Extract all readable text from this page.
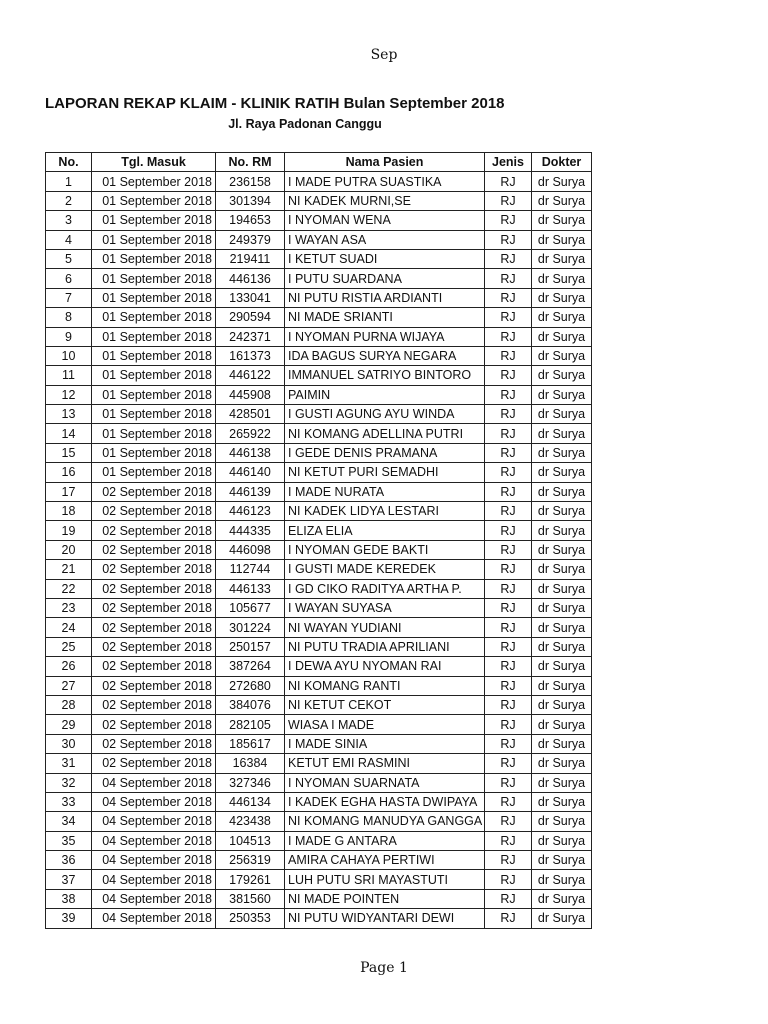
Sep
LAPORAN REKAP KLAIM - KLINIK RATIH Bulan September 2018
Jl. Raya Padonan Canggu
No.	Tgl. Masuk	No. RM	Nama Pasien	Jenis	Dokter
1	01 September 2018	236158	I MADE PUTRA SUASTIKA	RJ	dr Surya
2	01 September 2018	301394	NI KADEK MURNI,SE	RJ	dr Surya
3	01 September 2018	194653	I NYOMAN WENA	RJ	dr Surya
4	01 September 2018	249379	I WAYAN ASA	RJ	dr Surya
5	01 September 2018	219411	I KETUT SUADI	RJ	dr Surya
6	01 September 2018	446136	I PUTU SUARDANA	RJ	dr Surya
7	01 September 2018	133041	NI PUTU RISTIA ARDIANTI	RJ	dr Surya
8	01 September 2018	290594	NI MADE SRIANTI	RJ	dr Surya
9	01 September 2018	242371	I NYOMAN PURNA WIJAYA	RJ	dr Surya
10	01 September 2018	161373	IDA BAGUS SURYA NEGARA	RJ	dr Surya
11	01 September 2018	446122	IMMANUEL SATRIYO BINTORO	RJ	dr Surya
12	01 September 2018	445908	PAIMIN	RJ	dr Surya
13	01 September 2018	428501	I GUSTI AGUNG AYU WINDA	RJ	dr Surya
14	01 September 2018	265922	NI KOMANG ADELLINA PUTRI	RJ	dr Surya
15	01 September 2018	446138	I GEDE DENIS PRAMANA	RJ	dr Surya
16	01 September 2018	446140	NI KETUT PURI SEMADHI	RJ	dr Surya
17	02 September 2018	446139	I MADE NURATA	RJ	dr Surya
18	02 September 2018	446123	NI KADEK LIDYA LESTARI	RJ	dr Surya
19	02 September 2018	444335	ELIZA ELIA	RJ	dr Surya
20	02 September 2018	446098	I NYOMAN GEDE BAKTI	RJ	dr Surya
21	02 September 2018	112744	I GUSTI MADE KEREDEK	RJ	dr Surya
22	02 September 2018	446133	I GD CIKO RADITYA ARTHA P.	RJ	dr Surya
23	02 September 2018	105677	I WAYAN SUYASA	RJ	dr Surya
24	02 September 2018	301224	NI WAYAN YUDIANI	RJ	dr Surya
25	02 September 2018	250157	NI PUTU TRADIA APRILIANI	RJ	dr Surya
26	02 September 2018	387264	I DEWA AYU NYOMAN RAI	RJ	dr Surya
27	02 September 2018	272680	NI KOMANG RANTI	RJ	dr Surya
28	02 September 2018	384076	NI KETUT CEKOT	RJ	dr Surya
29	02 September 2018	282105	WIASA I MADE	RJ	dr Surya
30	02 September 2018	185617	I MADE SINIA	RJ	dr Surya
31	02 September 2018	16384	KETUT EMI RASMINI	RJ	dr Surya
32	04 September 2018	327346	I NYOMAN SUARNATA	RJ	dr Surya
33	04 September 2018	446134	I KADEK EGHA HASTA DWIPAYA	RJ	dr Surya
34	04 September 2018	423438	NI KOMANG MANUDYA GANGGA	RJ	dr Surya
35	04 September 2018	104513	I MADE G ANTARA	RJ	dr Surya
36	04 September 2018	256319	AMIRA CAHAYA PERTIWI	RJ	dr Surya
37	04 September 2018	179261	LUH PUTU SRI MAYASTUTI	RJ	dr Surya
38	04 September 2018	381560	NI MADE POINTEN	RJ	dr Surya
39	04 September 2018	250353	NI PUTU WIDYANTARI DEWI	RJ	dr Surya
Page 1
